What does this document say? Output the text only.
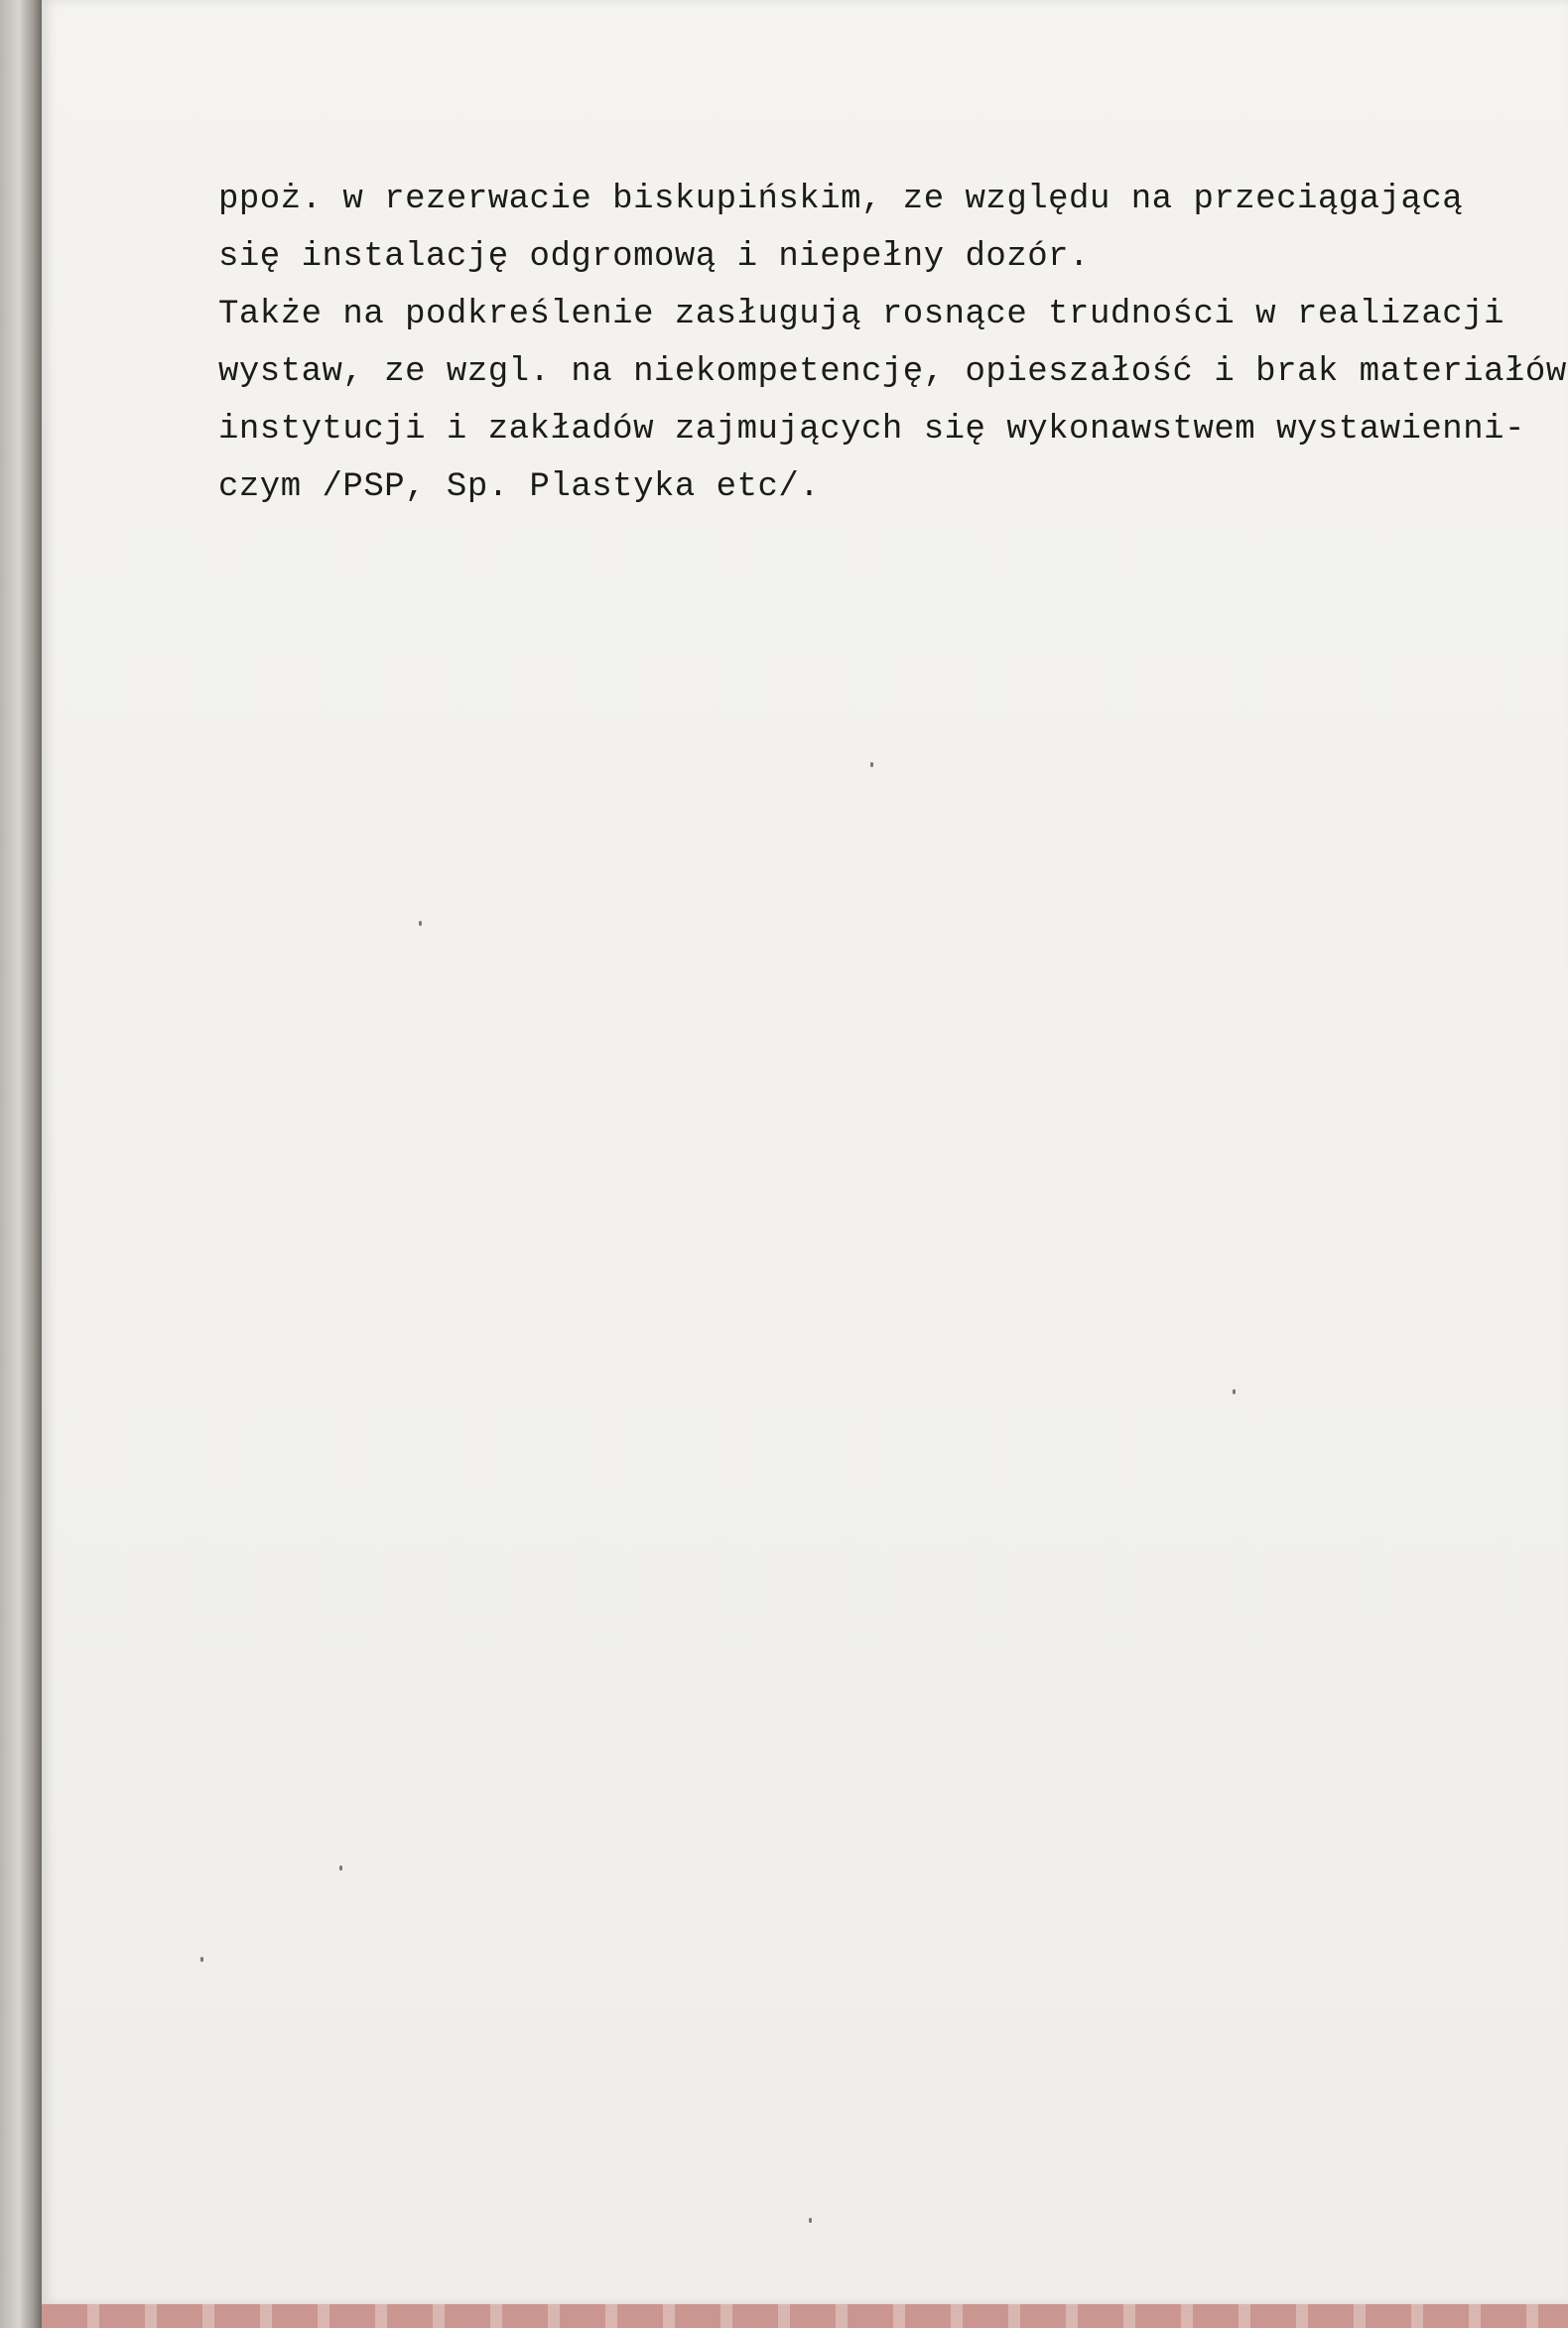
ppoż. w rezerwacie biskupińskim, ze względu na przeciągającą
się instalację odgromową i niepełny dozór.
Także na podkreślenie zasługują rosnące trudności w realizacji
wystaw, ze wzgl. na niekompetencję, opieszałość i brak materiałów
instytucji i zakładów zajmujących się wykonawstwem wystawienni-
czym /PSP, Sp. Plastyka etc/.
